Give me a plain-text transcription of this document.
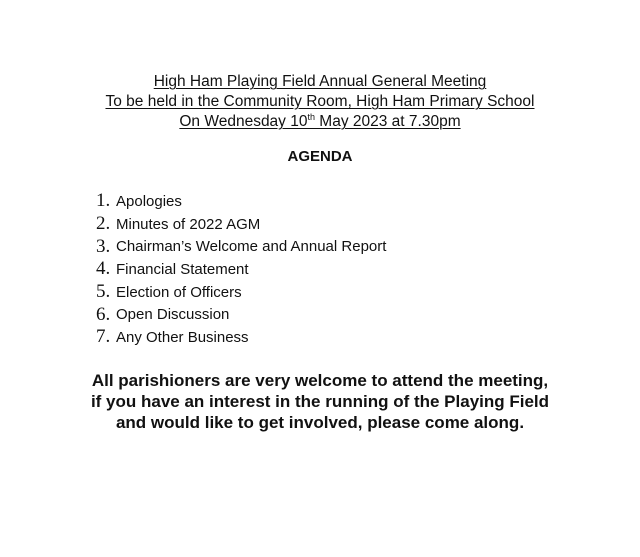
High Ham Playing Field Annual General Meeting
To be held in the Community Room, High Ham Primary School
On Wednesday 10th May 2023 at 7.30pm
AGENDA
1. Apologies
2. Minutes of 2022 AGM
3. Chairman’s Welcome and Annual Report
4. Financial Statement
5. Election of Officers
6. Open Discussion
7. Any Other Business
All parishioners are very welcome to attend the meeting,
if you have an interest in the running of the Playing Field
and would like to get involved, please come along.
